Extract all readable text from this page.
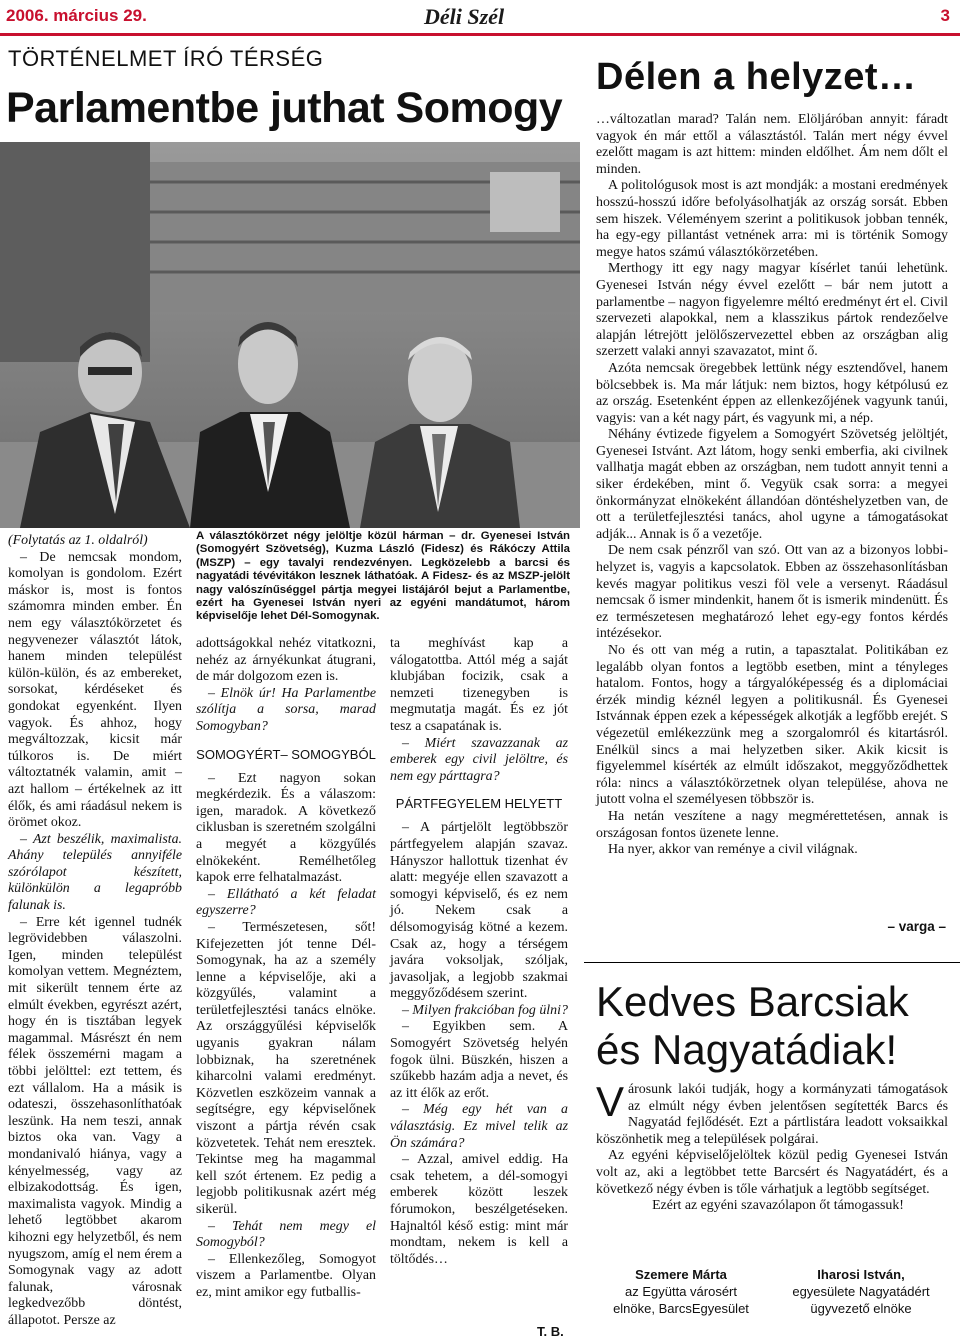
2006. március 29.	Déli Szél	3
TÖRTÉNELMET ÍRÓ TÉRSÉG
Parlamentbe juthat Somogy
A választókörzet négy jelöltje közül hárman – dr. Gyenesei István (Somogyért Szövetség), Kuzma László (Fidesz) és Rákóczy Attila (MSZP) – egy tavalyi rendezvényen. Legközelebb a barcsi és nagyatádi tévévitákon lesznek láthatóak. A Fidesz- és az MSZP-jelölt nagy valószínűséggel pártja megyei listájáról bejut a Parlamentbe, ezért ha Gyenesei István nyeri az egyéni mandátumot, három képviselője lehet Dél-Somogynak.

(Folytatás az 1. oldalról)

– De nemcsak mondom, komolyan is gondolom. Ezért máskor is, most is fontos számomra minden ember. Én nem egy választókörzetet és negyvenezer választót látok, hanem minden települést külön-külön, és az embereket, sorsokat, kérdéseket és gondokat egyenként. Ilyen vagyok. És ahhoz, hogy megváltozzak, kicsit már túlkoros is. De miért változtatnék valamin, amit – azt hallom – értékelnek az itt élők, és ami ráadásul nekem is örömet okoz.

– Azt beszélik, maximalista. Ahány település annyiféle szórólapot készített, különkülön a legapróbb falunak is.

– Erre két igennel tudnék legrövidebben válaszolni. Igen, minden települést komolyan vettem. Megnéztem, mit sikerült tennem érte az elmúlt években, egyrészt azért, hogy én is tisztában legyek magammal. Másrészt én nem félek összemérni magam a többi jelölttel: ezt tettem, és ezt vállalom. Ha a másik is odateszi, összehasonlíthatóak leszünk. Ha nem teszi, annak biztos oka van. Vagy a mondanivaló hiánya, vagy a kényelmesség, vagy az elbizakodottság. És igen, maximalista vagyok. Mindig a lehető legtöbbet akarom kihozni egy helyzetből, és nem nyugszom, amíg el nem érem a Somogynak vagy az adott falunak, városnak legkedvezőbb döntést, állapotot. Persze az

adottságokkal nehéz vitatkozni, nehéz az árnyékunkat átugrani, de már dolgozom ezen is.

– Elnök úr! Ha Parlamentbe szólítja a sorsa, marad Somogyban?

SOMOGYÉRT– SOMOGYBÓL

– Ezt nagyon sokan megkérdezik. És a válaszom: igen, maradok. A következő ciklusban is szeretném szolgálni a megyét a közgyűlés elnökeként. Remélhetőleg kapok erre felhatalmazást.

– Ellátható a két feladat egyszerre?

– Természetesen, sőt! Kifejezetten jót tenne Dél-Somogynak, ha az a személy lenne a képviselője, aki a közgyűlés, valamint a területfejlesztési tanács elnöke. Az országgyűlési képviselők ugyanis gyakran nálam lobbiznak, ha szeretnének kiharcolni valami eredményt. Közvetlen eszközeim vannak a segítségre, egy képviselőnek viszont a pártja révén csak közvetetek. Tehát nem eresztek. Tekintse meg ha magammal kell szót értenem. Ez pedig a legjobb politikusnak azért még sikerül.

– Tehát nem megy el Somogyból?

– Ellenkezőleg, Somogyot viszem a Parlamentbe. Olyan ez, mint amikor egy futballis-

ta meghívást kap a válogatottba. Attól még a saját klubjában focizik, csak a nemzeti tizenegyben is megmutatja magát. És ez jót tesz a csapatának is.

– Miért szavazzanak az emberek egy civil jelöltre, és nem egy párttagra?

PÁRTFEGYELEM HELYETT

– A pártjelölt legtöbbször pártfegyelem alapján szavaz. Hányszor hallottuk tizenhat év alatt: megyéje ellen szavazott a somogyi képviselő, és ez nem jó. Nekem csak a délsomogyiság kötné a kezem. Csak az, hogy a térségem javára voksoljak, szóljak, javasoljak, a legjobb szakmai meggyőződésem szerint.

– Milyen frakcióban fog ülni?

– Egyikben sem. A Somogyért Szövetség helyén fogok ülni. Büszkén, hiszen a szűkebb hazám adja a nevet, és az itt élők az erőt.

– Még egy hét van a választásig. Ez mivel telik az Ön számára?

– Azzal, amivel eddig. Ha csak tehetem, a dél-somogyi emberek között leszek fórumokon, beszélgetéseken. Hajnaltól késő estig: mint már mondtam, nekem is kell a töltődés…

T. B.
Délen a helyzet…

…változatlan marad? Talán nem. Elöljáróban annyit: fáradt vagyok én már ettől a választástól. Talán mert négy évvel ezelőtt magam is azt hittem: minden eldőlhet. Ám nem dőlt el minden.

A politológusok most is azt mondják: a mostani eredmények hosszú-hosszú időre befolyásolhatják az ország sorsát. Ebben sem hiszek. Véleményem szerint a politikusok jobban tennék, ha egy-egy pillantást vetnének arra: mi is történik Somogy megye hatos számú választókörzetében.

Merthogy itt egy nagy magyar kísérlet tanúi lehetünk. Gyenesei István négy évvel ezelőtt – bár nem jutott a parlamentbe – nagyon figyelemre méltó eredményt ért el. Civil szervezeti alapokkal, nem a klasszikus pártok rendezőelve alapján létrejött jelölőszervezettel ebben az országban alig szerzett valaki annyi szavazatot, mint ő.

Azóta nemcsak öregebbek lettünk négy esztendővel, hanem bölcsebbek is. Ma már látjuk: nem biztos, hogy kétpólusú ez az ország. Esetenként éppen az ellenkezőjének vagyunk tanúi, vagyis: van a két nagy párt, és vagyunk mi, a nép.

Néhány évtizede figyelem a Somogyért Szövetség jelöltjét, Gyenesei Istvánt. Azt látom, hogy senki emberfia, aki civilnek vallhatja magát ebben az országban, nem tudott annyit tenni a siker érdekében, mint ő. Vegyük csak sorra: a megyei önkormányzat elnökeként állandóan döntéshelyzetben van, de ott a területfejlesztési tanács, ahol ugyne a támogatásokat adják... Annak is ő a vezetője.

De nem csak pénzről van szó. Ott van az a bizonyos lobbi-helyzet is, vagyis a kapcsolatok. Ebben az összehasonlításban kevés magyar politikus veszi föl vele a versenyt. Ráadásul nemcsak ő ismer mindenkit, hanem őt is ismerik mindenütt. És ez természetesen meghatározó lehet egy-egy fontos kérdés intézésekor.

No és ott van még a rutin, a tapasztalat. Politikában ez legalább olyan fontos a legtöbb esetben, mint a tényleges hatalom. Fontos, hogy a tárgyalóképesség és a diplomáciai érzék mindig kéznél legyen a politikusnál. És Gyenesei Istvánnak éppen ezek a képességek alkotják a legfőbb erejét. S végezetül emlékezzünk meg a szorgalomról és kitartásról. Enélkül sincs a mai helyzetben siker. Akik kicsit is figyelemmel kísérték az elmúlt időszakot, meggyőződhettek róla: nincs a választókörzetnek olyan települése, ahova ne jutott volna el személyesen többször is.

Ha netán veszítene a nagy megmérettetésen, annak is országosan fontos üzenete lenne.

Ha nyer, akkor van reménye a civil világnak.

– varga –
Kedves Barcsiak
és Nagyatádiak!

Városunk lakói tudják, hogy a kormányzati támogatások az elmúlt négy évben jelentősen segítették Barcs és Nagyatád fejlődését. Ezt a pártlistára leadott voksaikkal köszönhetik meg a települések polgárai.

Az egyéni képviselőjelöltek közül pedig Gyenesei István volt az, aki a legtöbbet tette Barcsért és Nagyatádért, és a következő négy évben is tőle várhatjuk a legtöbb segítséget.

Ezért az egyéni szavazólapon őt támogassuk!

Szemere Márta
az Együtta városért
elnöke, BarcsEgyesület
Iharosi István,
egyesülete Nagyatádért
ügyvezető elnöke
